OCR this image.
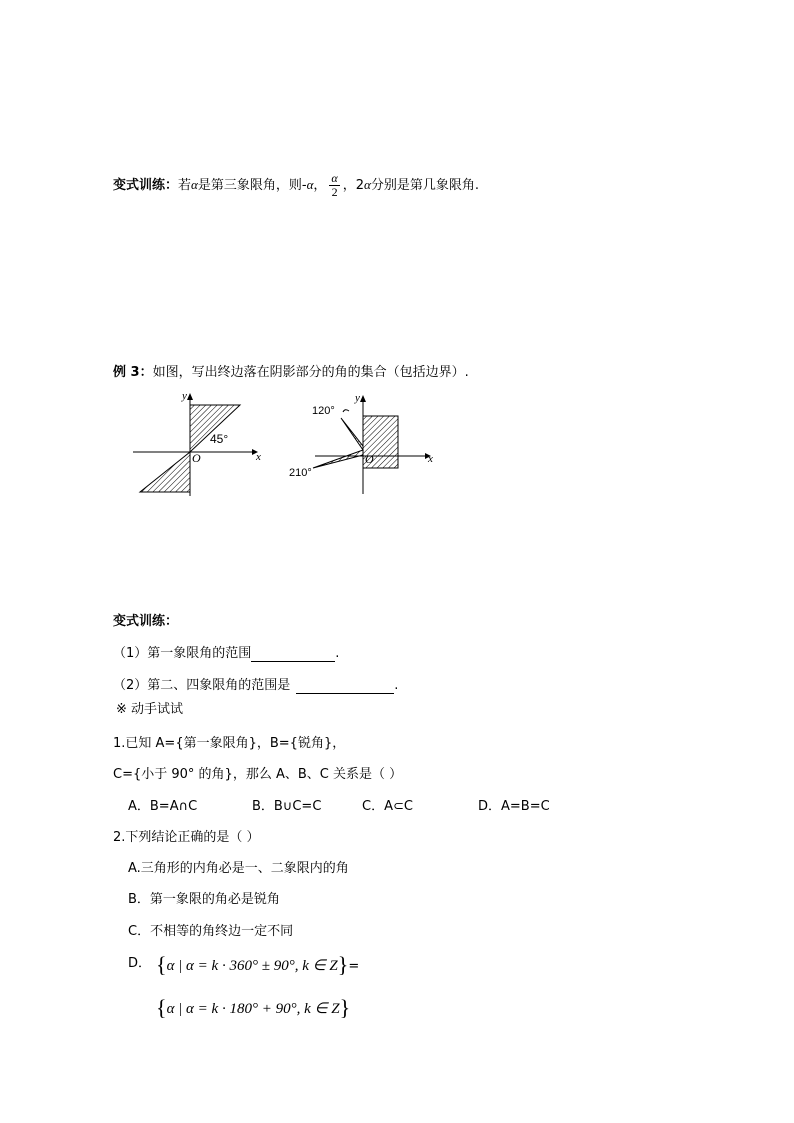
变式训练：若α是第三象限角，则-α， $\frac{\alpha}{2}$ ，2α分别是第几象限角.
例 3：如图，写出终边落在阴影部分的角的集合（包括边界）.
y
x
O
45°
y
x
O
120°
210°
变式训练：
（1）第一象限角的范围	.
（2）第二、四象限角的范围是	.
※ 动手试试
1.已知 A={第一象限角}，B={锐角}，
C={小于 90° 的角}，那么 A、B、C 关系是（ ）
A．B=A∩C	B．B∪C=C	C．A⊂C	D．A=B=C
2.下列结论正确的是（ ）
A.三角形的内角必是一、二象限内的角
B．第一象限的角必是锐角
C．不相等的角终边一定不同
D． {α | α = k · 360° ± 90°, k ∈ Z}=
{α | α = k · 180° + 90°, k ∈ Z}
